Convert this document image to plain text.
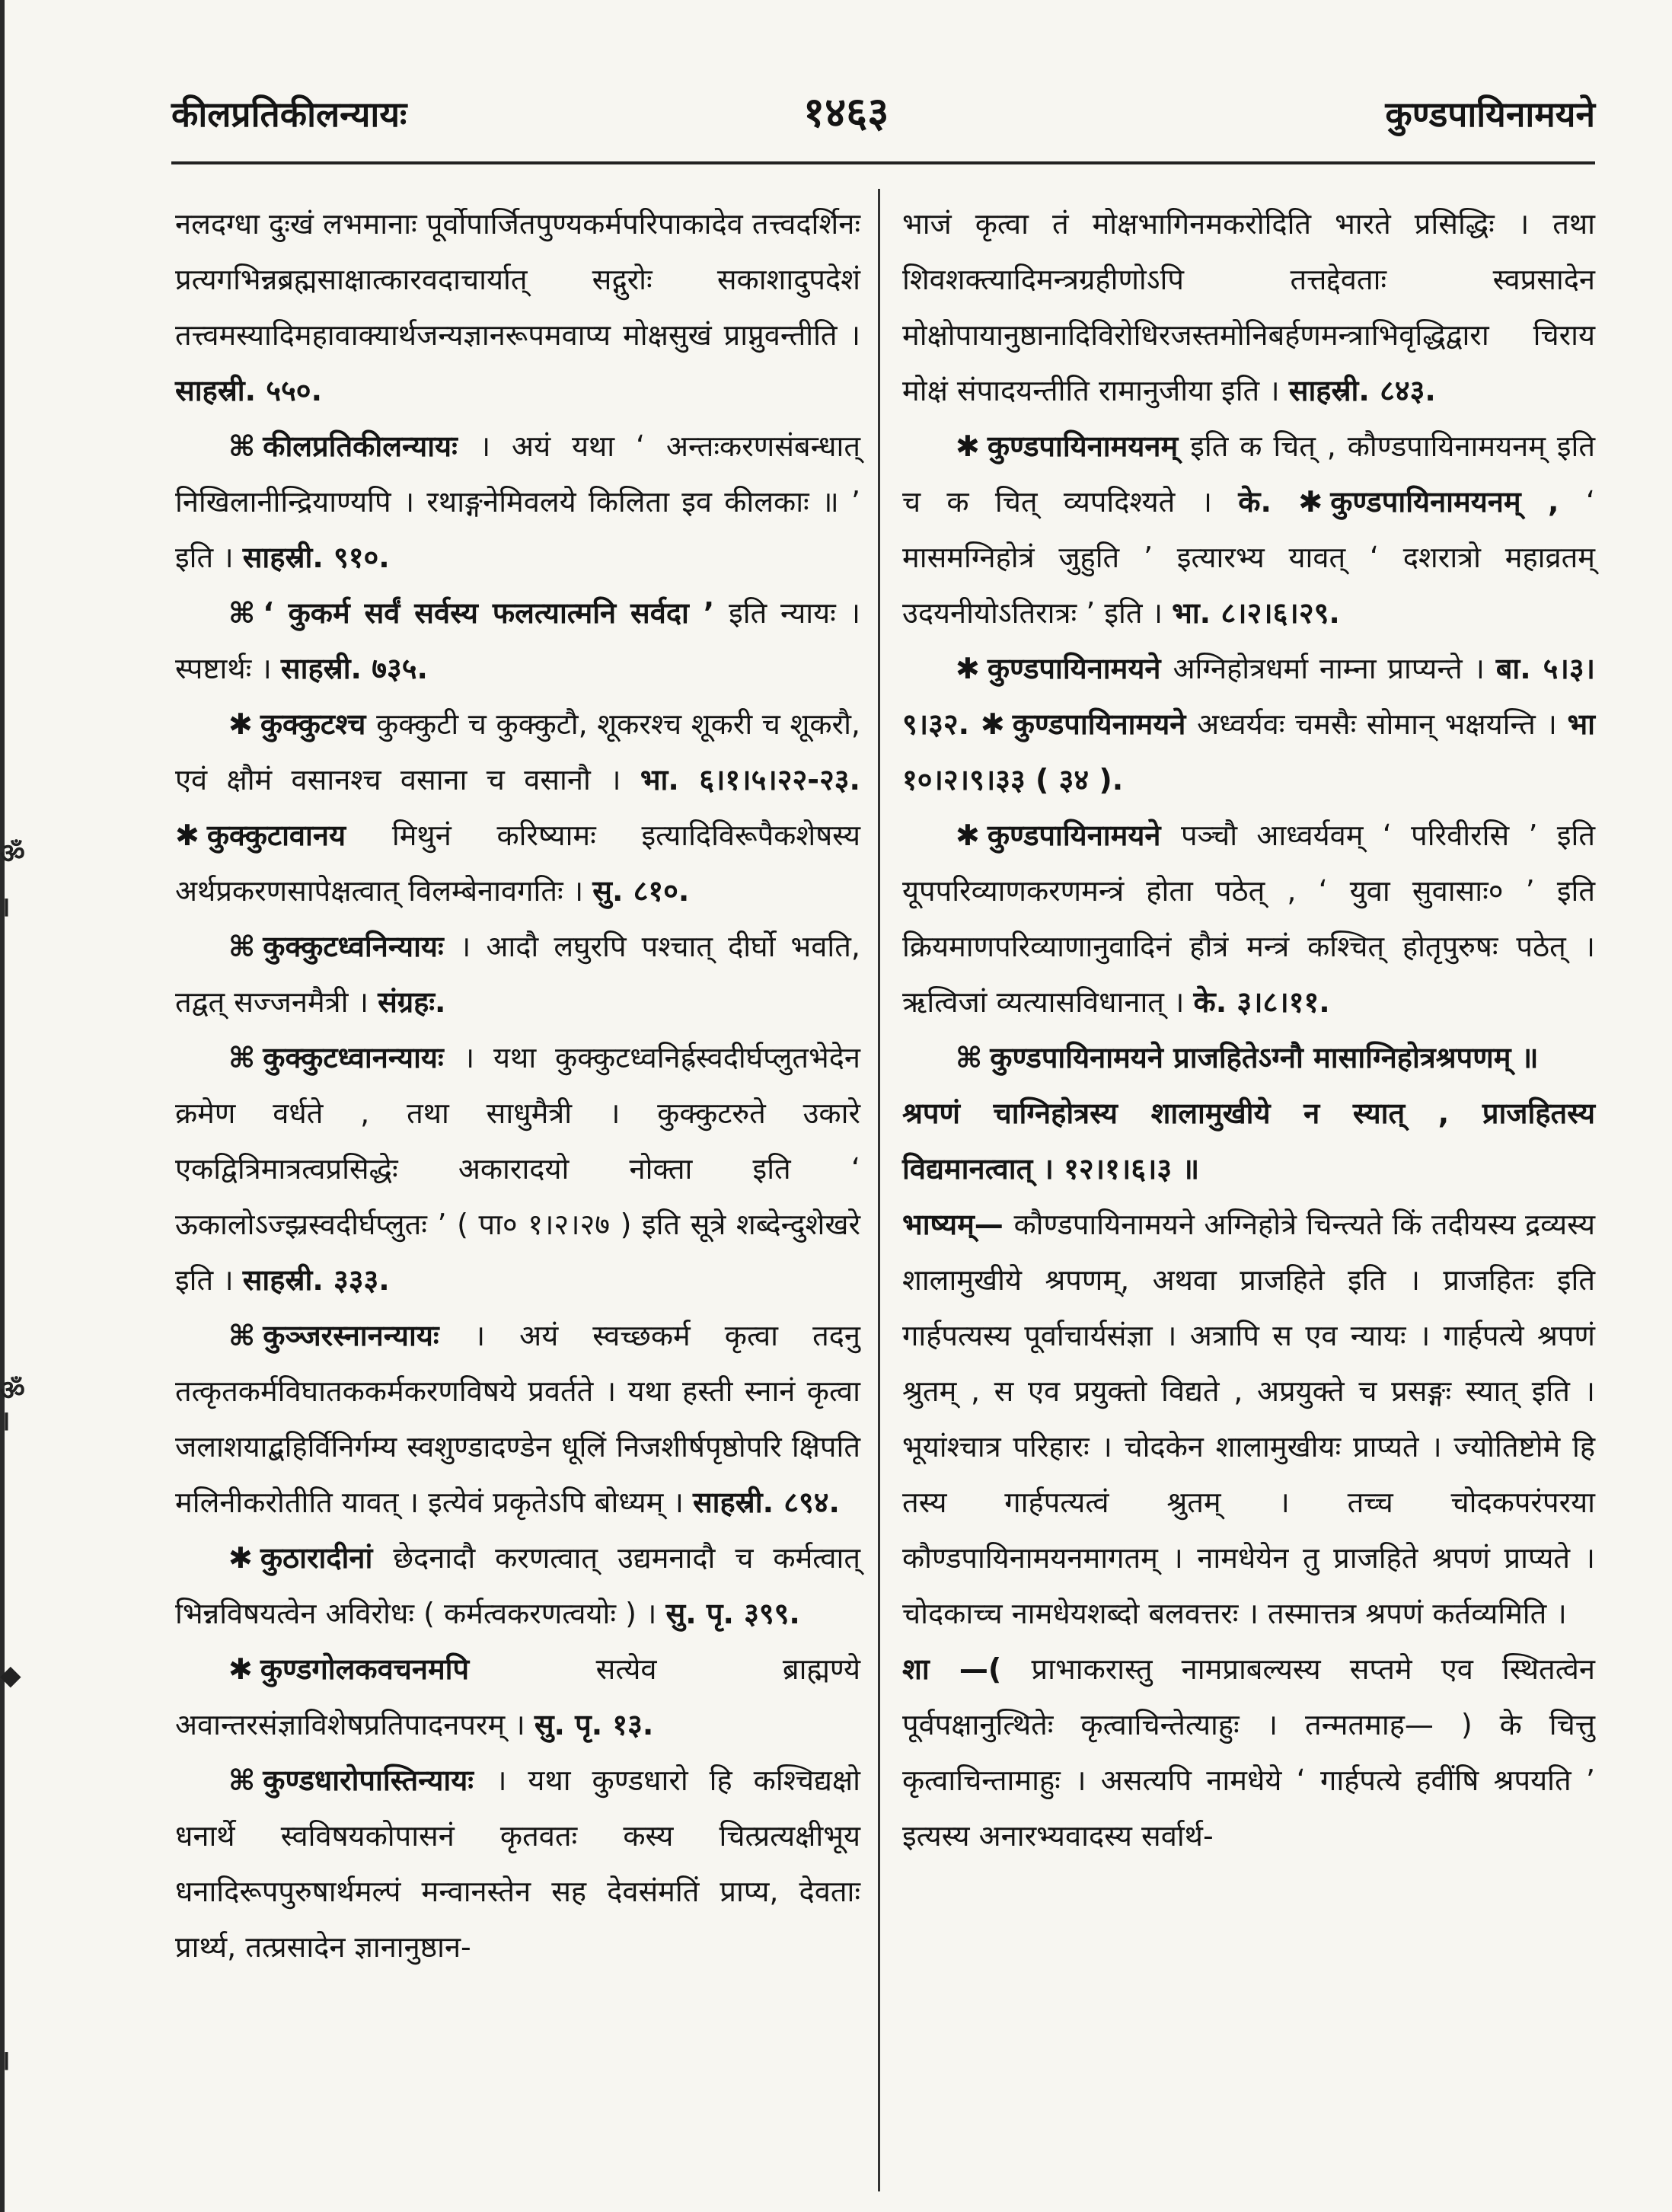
कीलप्रतिकीलन्यायः	१४६३	कुण्डपायिनामयने

नलदग्धा दुःखं लभमानाः पूर्वोपार्जितपुण्यकर्मपरिपाकादेव तत्त्वदर्शिनः प्रत्यगभिन्नब्रह्मसाक्षात्कारवदाचार्यात् सद्गुरोः सकाशादुपदेशं तत्त्वमस्यादिमहावाक्यार्थजन्यज्ञानरूपमवाप्य मोक्षसुखं प्राप्नुवन्तीति । साहस्री. ५५०.

⌘ कीलप्रतिकीलन्यायः । अयं यथा ‘ अन्तःकरणसंबन्धात् निखिलानीन्द्रियाण्यपि । रथाङ्गनेमिवलये किलिता इव कीलकाः ॥ ’ इति । साहस्री. ९१०.

⌘ ‘ कुकर्म सर्वं सर्वस्य फलत्यात्मनि सर्वदा ’ इति न्यायः । स्पष्टार्थः । साहस्री. ७३५.

✱ कुक्कुटश्च कुक्कुटी च कुक्कुटौ, शूकरश्च शूकरी च शूकरौ, एवं क्षौमं वसानश्च वसाना च वसानौ । भा. ६।१।५।२२-२३. ✱ कुक्कुटावानय मिथुनं करिष्यामः इत्यादिविरूपैकशेषस्य अर्थप्रकरणसापेक्षत्वात् विलम्बेनावगतिः । सु. ८१०.

⌘ कुक्कुटध्वनिन्यायः । आदौ लघुरपि पश्चात् दीर्घो भवति, तद्वत् सज्जनमैत्री । संग्रहः.

⌘ कुक्कुटध्वानन्यायः । यथा कुक्कुटध्वनिर्ह्रस्वदीर्घप्लुतभेदेन क्रमेण वर्धते , तथा साधुमैत्री । कुक्कुटरुते उकारे एकद्वित्रिमात्रत्वप्रसिद्धेः अकारादयो नोक्ता इति ‘ ऊकालोऽज्झ्रस्वदीर्घप्लुतः ’ ( पा० १।२।२७ ) इति सूत्रे शब्देन्दुशेखरे इति । साहस्री. ३३३.

⌘ कुञ्जरस्नानन्यायः । अयं स्वच्छकर्म कृत्वा तदनु तत्कृतकर्मविघातककर्मकरणविषये प्रवर्तते । यथा हस्ती स्नानं कृत्वा जलाशयाद्बहिर्विनिर्गम्य स्वशुण्डादण्डेन धूलिं निजशीर्षपृष्ठोपरि क्षिपति मलिनीकरोतीति यावत् । इत्येवं प्रकृतेऽपि बोध्यम् । साहस्री. ८९४.

✱ कुठारादीनां छेदनादौ करणत्वात् उद्यमनादौ च कर्मत्वात् भिन्नविषयत्वेन अविरोधः ( कर्मत्वकरणत्वयोः ) । सु. पृ. ३९९.

✱ कुण्डगोलकवचनमपि सत्येव ब्राह्मण्ये अवान्तरसंज्ञाविशेषप्रतिपादनपरम् । सु. पृ. १३.

⌘ कुण्डधारोपास्तिन्यायः । यथा कुण्डधारो हि कश्चिद्यक्षो धनार्थे स्वविषयकोपासनं कृतवतः कस्य चित्प्रत्यक्षीभूय धनादिरूपपुरुषार्थमल्पं मन्वानस्तेन सह देवसंमतिं प्राप्य, देवताः प्रार्थ्य, तत्प्रसादेन ज्ञानानुष्ठान-

भाजं कृत्वा तं मोक्षभागिनमकरोदिति भारते प्रसिद्धिः । तथा शिवशक्त्यादिमन्त्रग्रहीणोऽपि तत्तद्देवताः स्वप्रसादेन मोक्षोपायानुष्ठानादिविरोधिरजस्तमोनिबर्हणमन्त्राभिवृद्धिद्वारा चिराय मोक्षं संपादयन्तीति रामानुजीया इति । साहस्री. ८४३.

✱ कुण्डपायिनामयनम् इति क चित् , कौण्डपायिनामयनम् इति च क चित् व्यपदिश्यते । के. ✱ कुण्डपायिनामयनम् , ‘ मासमग्निहोत्रं जुहुति ’ इत्यारभ्य यावत् ‘ दशरात्रो महाव्रतम् उदयनीयोऽतिरात्रः ’ इति । भा. ८।२।६।२९.

✱ कुण्डपायिनामयने अग्निहोत्रधर्मा नाम्ना प्राप्यन्ते । बा. ५।३।९।३२. ✱ कुण्डपायिनामयने अध्वर्यवः चमसैः सोमान् भक्षयन्ति । भा १०।२।९।३३ ( ३४ ).

✱ कुण्डपायिनामयने पञ्चौ आध्वर्यवम् ‘ परिवीरसि ’ इति यूपपरिव्याणकरणमन्त्रं होता पठेत् , ‘ युवा सुवासाः० ’ इति क्रियमाणपरिव्याणानुवादिनं हौत्रं मन्त्रं कश्चित् होतृपुरुषः पठेत् । ऋत्विजां व्यत्यासविधानात् । के. ३।८।११.

⌘ कुण्डपायिनामयने प्राजहितेऽग्नौ मासाग्निहोत्रश्रपणम् ॥

श्रपणं चाग्निहोत्रस्य शालामुखीये न स्यात् , प्राजहितस्य विद्यमानत्वात् । १२।१।६।३ ॥

भाष्यम्— कौण्डपायिनामयने अग्निहोत्रे चिन्त्यते किं तदीयस्य द्रव्यस्य शालामुखीये श्रपणम्, अथवा प्राजहिते इति । प्राजहितः इति गार्हपत्यस्य पूर्वाचार्यसंज्ञा । अत्रापि स एव न्यायः । गार्हपत्ये श्रपणं श्रुतम् , स एव प्रयुक्तो विद्यते , अप्रयुक्ते च प्रसङ्गः स्यात् इति । भूयांश्चात्र परिहारः । चोदकेन शालामुखीयः प्राप्यते । ज्योतिष्टोमे हि तस्य गार्हपत्यत्वं श्रुतम् । तच्च चोदकपरंपरया कौण्डपायिनामयनमागतम् । नामधेयेन तु प्राजहिते श्रपणं प्राप्यते । चोदकाच्च नामधेयशब्दो बलवत्तरः । तस्मात्तत्र श्रपणं कर्तव्यमिति ।

शा —( प्राभाकरास्तु नामप्राबल्यस्य सप्तमे एव स्थितत्वेन पूर्वपक्षानुत्थितेः कृत्वाचिन्तेत्याहुः । तन्मतमाह— ) के चित्तु कृत्वाचिन्तामाहुः । असत्यपि नामधेये ‘ गार्हपत्ये हवींषि श्रपयति ’ इत्यस्य अनारभ्यवादस्य सर्वार्थ-

ॐ
।
ॐ
।
◆
।
